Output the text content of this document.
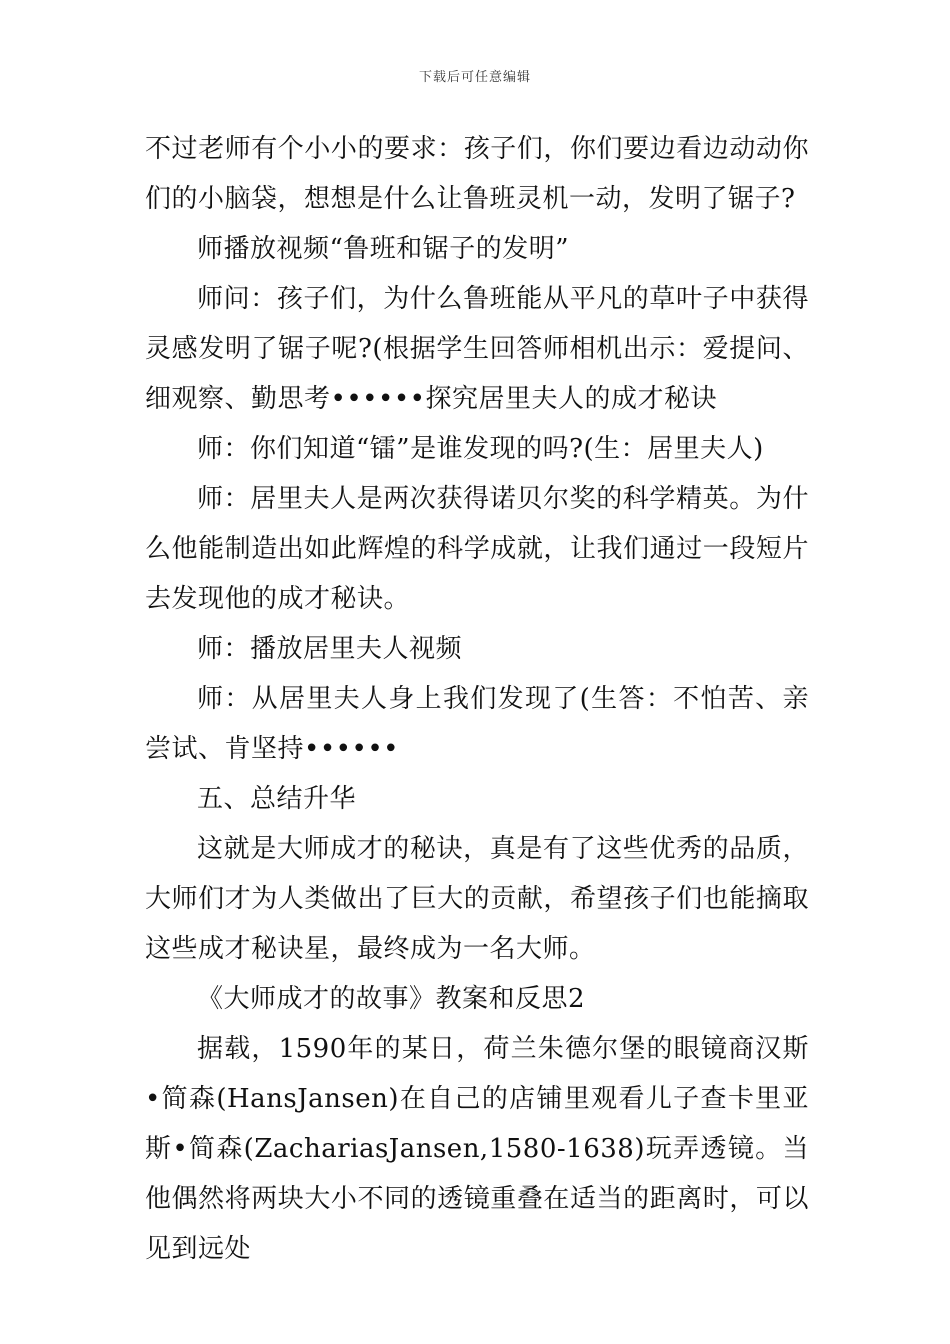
下载后可任意编辑

不过老师有个小小的要求：孩子们，你们要边看边动动你们的小脑袋，想想是什么让鲁班灵机一动，发明了锯子?

师播放视频“鲁班和锯子的发明”

师问：孩子们，为什么鲁班能从平凡的草叶子中获得灵感发明了锯子呢?(根据学生回答师相机出示：爱提问、细观察、勤思考••••••探究居里夫人的成才秘诀

师：你们知道“镭”是谁发现的吗?(生：居里夫人)

师：居里夫人是两次获得诺贝尔奖的科学精英。为什么他能制造出如此辉煌的科学成就，让我们通过一段短片去发现他的成才秘诀。

师：播放居里夫人视频

师：从居里夫人身上我们发现了(生答：不怕苦、亲尝试、肯坚持••••••

五、总结升华

这就是大师成才的秘诀，真是有了这些优秀的品质，大师们才为人类做出了巨大的贡献，希望孩子们也能摘取这些成才秘诀星，最终成为一名大师。

《大师成才的故事》教案和反思2

据载，1590年的某日，荷兰朱德尔堡的眼镜商汉斯•简森(HansJansen)在自己的店铺里观看儿子查卡里亚斯•简森(ZachariasJansen,1580-1638)玩弄透镜。当他偶然将两块大小不同的透镜重叠在适当的距离时，可以见到远处
